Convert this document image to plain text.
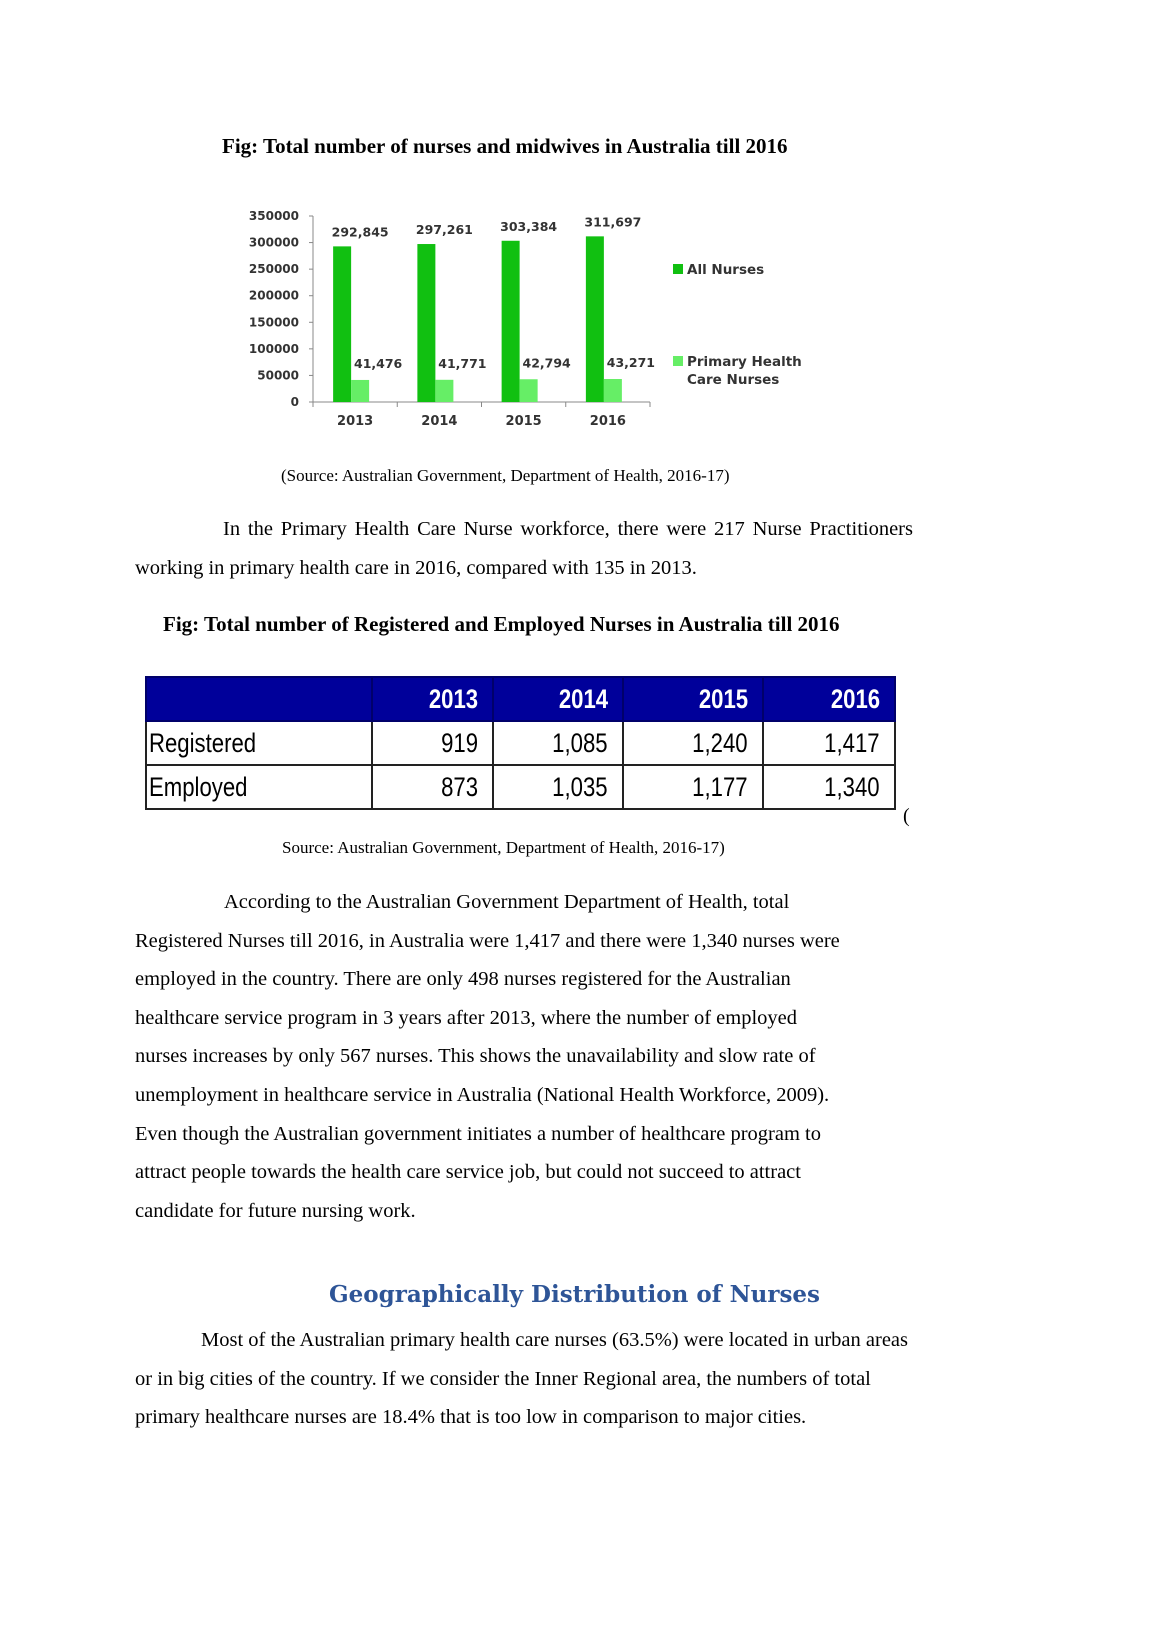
Fig: Total number of nurses and midwives in Australia till 2016
0
50000
100000
150000
200000
250000
300000
350000
2013
292,845
41,476
2014
297,261
41,771
2015
303,384
42,794
2016
311,697
43,271
All Nurses
Primary Health
Care Nurses
(Source: Australian Government, Department of Health, 2016-17)

In the Primary Health Care Nurse workforce, there were 217 Nurse Practitioners working in primary health care in 2016, compared with 135 in 2013.

Fig: Total number of Registered and Employed Nurses in Australia till 2016
	2013	2014	2015	2016
Registered	919	1,085	1,240	1,417
Employed	873	1,035	1,177	1,340
(
Source: Australian Government, Department of Health, 2016-17)

According to the Australian Government Department of Health, total

Registered Nurses till 2016, in Australia were 1,417 and there were 1,340 nurses were

employed in the country. There are only 498 nurses registered for the Australian

healthcare service program in 3 years after 2013, where the number of employed

nurses increases by only 567 nurses. This shows the unavailability and slow rate of

unemployment in healthcare service in Australia (National Health Workforce, 2009).

Even though the Australian government initiates a number of healthcare program to

attract people towards the health care service job, but could not succeed to attract

candidate for future nursing work.

Geographically Distribution of Nurses

Most of the Australian primary health care nurses (63.5%) were located in urban areas

or in big cities of the country. If we consider the Inner Regional area, the numbers of total

primary healthcare nurses are 18.4% that is too low in comparison to major cities.
